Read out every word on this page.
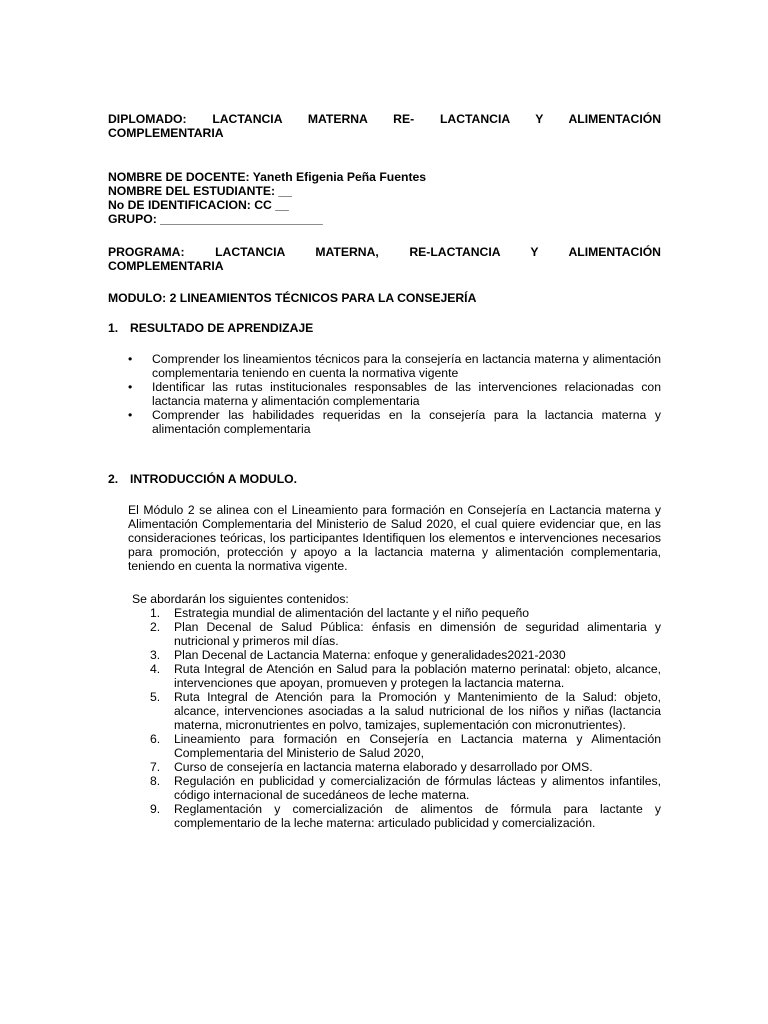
DIPLOMADO: LACTANCIA MATERNA RE- LACTANCIA Y ALIMENTACIÓN
COMPLEMENTARIA
NOMBRE DE DOCENTE: Yaneth Efigenia Peña Fuentes
NOMBRE DEL ESTUDIANTE: __
No DE IDENTIFICACION: CC __
GRUPO: ________________________
PROGRAMA: LACTANCIA MATERNA, RE-LACTANCIA Y ALIMENTACIÓN
COMPLEMENTARIA
MODULO: 2 LINEAMIENTOS TÉCNICOS PARA LA CONSEJERÍA
1. RESULTADO DE APRENDIZAJE
•	Comprender los lineamientos técnicos para la consejería en lactancia materna y alimentación complementaria teniendo en cuenta la normativa vigente
•	Identificar las rutas institucionales responsables de las intervenciones relacionadas con lactancia materna y alimentación complementaria
•	Comprender las habilidades requeridas en la consejería para la lactancia materna y alimentación complementaria
2. INTRODUCCIÓN A MODULO.
El Módulo 2 se alinea con el Lineamiento para formación en Consejería en Lactancia materna y Alimentación Complementaria del Ministerio de Salud 2020, el cual quiere evidenciar que, en las consideraciones teóricas, los participantes Identifiquen los elementos e intervenciones necesarios para promoción, protección y apoyo a la lactancia materna y alimentación complementaria, teniendo en cuenta la normativa vigente.
Se abordarán los siguientes contenidos:
1.	Estrategia mundial de alimentación del lactante y el niño pequeño
2.	Plan Decenal de Salud Pública: énfasis en dimensión de seguridad alimentaria y nutricional y primeros mil días.
3.	Plan Decenal de Lactancia Materna: enfoque y generalidades2021-2030
4.	Ruta Integral de Atención en Salud para la población materno perinatal: objeto, alcance, intervenciones que apoyan, promueven y protegen la lactancia materna.
5.	Ruta Integral de Atención para la Promoción y Mantenimiento de la Salud: objeto, alcance, intervenciones asociadas a la salud nutricional de los niños y niñas (lactancia materna, micronutrientes en polvo, tamizajes, suplementación con micronutrientes).
6.	Lineamiento para formación en Consejería en Lactancia materna y Alimentación Complementaria del Ministerio de Salud 2020,
7.	Curso de consejería en lactancia materna elaborado y desarrollado por OMS.
8.	Regulación en publicidad y comercialización de fórmulas lácteas y alimentos infantiles, código internacional de sucedáneos de leche materna.
9.	Reglamentación y comercialización de alimentos de fórmula para lactante y complementario de la leche materna: articulado publicidad y comercialización.
